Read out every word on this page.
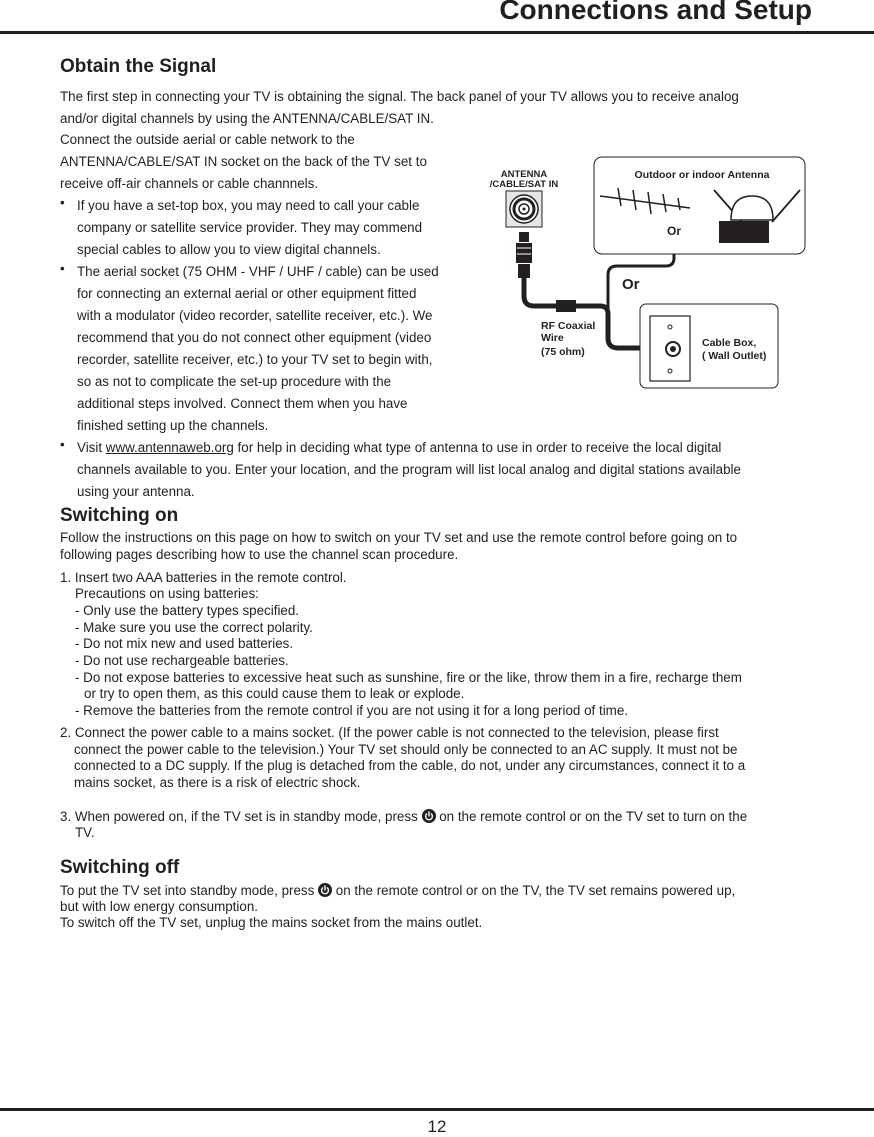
Connections and Setup
Obtain the Signal
The first step in connecting your TV is obtaining the signal. The back panel of your TV allows you to receive analog
and/or digital channels by using the ANTENNA/CABLE/SAT IN.
Connect the outside aerial or cable network to the
ANTENNA/CABLE/SAT IN socket on the back of the TV set to
receive off-air channels or cable channnels.
• If you have a set-top box, you may need to call your cable
company or satellite service provider. They may commend
special cables to allow you to view digital channels.
• The aerial socket (75 OHM - VHF / UHF / cable) can be used
for connecting an external aerial or other equipment fitted
with a modulator (video recorder, satellite receiver, etc.). We
recommend that you do not connect other equipment (video
recorder, satellite receiver, etc.) to your TV set to begin with,
so as not to complicate the set-up procedure with the
additional steps involved. Connect them when you have
finished setting up the channels.
• Visit www.antennaweb.org for help in deciding what type of antenna to use in order to receive the local digital
channels available to you. Enter your location, and the program will list local analog and digital stations available
using your antenna.
ANTENNA
/CABLE/SAT IN
Or
RF Coaxial
Wire
(75 ohm)
Outdoor or indoor Antenna
Or
Cable Box,
( Wall Outlet)
Switching on
Follow the instructions on this page on how to switch on your TV set and use the remote control before going on to
following pages describing how to use the channel scan procedure.
1. Insert two AAA batteries in the remote control.
Precautions on using batteries:
- Only use the battery types specified.
- Make sure you use the correct polarity.
- Do not mix new and used batteries.
- Do not use rechargeable batteries.
- Do not expose batteries to excessive heat such as sunshine, fire or the like, throw them in a fire, recharge them
or try to open them, as this could cause them to leak or explode.
- Remove the batteries from the remote control if you are not using it for a long period of time.
2. Connect the power cable to a mains socket. (If the power cable is not connected to the television, please first
connect the power cable to the television.) Your TV set should only be connected to an AC supply. It must not be
connected to a DC supply. If the plug is detached from the cable, do not, under any circumstances, connect it to a
mains socket, as there is a risk of electric shock.
3. When powered on, if the TV set is in standby mode, press  on the remote control or on the TV set to turn on the
TV.
Switching off
To put the TV set into standby mode, press  on the remote control or on the TV, the TV set remains powered up,
but with low energy consumption.
To switch off the TV set, unplug the mains socket from the mains outlet.
12
